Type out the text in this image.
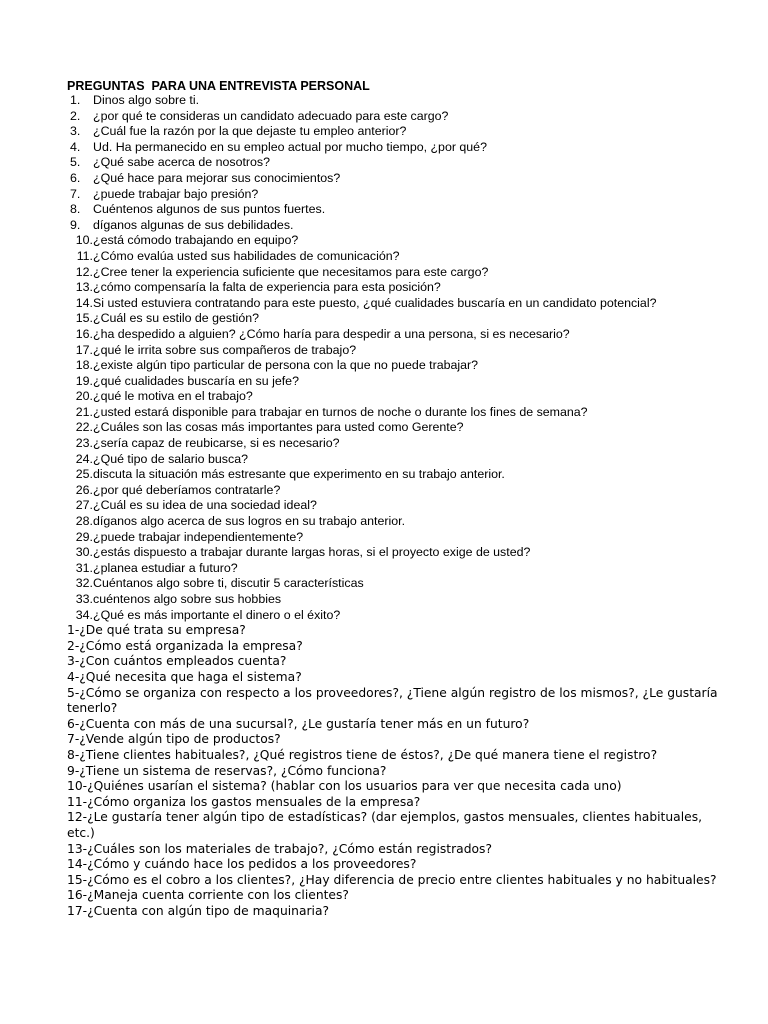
PREGUNTAS  PARA UNA ENTREVISTA PERSONAL
1.	Dinos algo sobre ti.
2.	¿por qué te consideras un candidato adecuado para este cargo?
3.	¿Cuál fue la razón por la que dejaste tu empleo anterior?
4.	Ud. Ha permanecido en su empleo actual por mucho tiempo, ¿por qué?
5.	¿Qué sabe acerca de nosotros?
6.	¿Qué hace para mejorar sus conocimientos?
7.	¿puede trabajar bajo presión?
8.	Cuéntenos algunos de sus puntos fuertes.
9.	díganos algunas de sus debilidades.
10. ¿está cómodo trabajando en equipo?
11. ¿Cómo evalúa usted sus habilidades de comunicación?
12. ¿Cree tener la experiencia suficiente que necesitamos para este cargo?
13. ¿cómo compensaría la falta de experiencia para esta posición?
14. Si usted estuviera contratando para este puesto, ¿qué cualidades buscaría en un candidato potencial?
15. ¿Cuál es su estilo de gestión?
16. ¿ha despedido a alguien? ¿Cómo haría para despedir a una persona, si es necesario?
17. ¿qué le irrita sobre sus compañeros de trabajo?
18. ¿existe algún tipo particular de persona con la que no puede trabajar?
19. ¿qué cualidades buscaría en su jefe?
20. ¿qué le motiva en el trabajo?
21. ¿usted estará disponible para trabajar en turnos de noche o durante los fines de semana?
22. ¿Cuáles son las cosas más importantes para usted como Gerente?
23. ¿sería capaz de reubicarse, si es necesario?
24. ¿Qué tipo de salario busca?
25. discuta la situación más estresante que experimento en su trabajo anterior.
26. ¿por qué deberíamos contratarle?
27. ¿Cuál es su idea de una sociedad ideal?
28. díganos algo acerca de sus logros en su trabajo anterior.
29. ¿puede trabajar independientemente?
30. ¿estás dispuesto a trabajar durante largas horas, si el proyecto exige de usted?
31. ¿planea estudiar a futuro?
32. Cuéntanos algo sobre ti, discutir 5 características
33. cuéntenos algo sobre sus hobbies
34. ¿Qué es más importante el dinero o el éxito?
1-¿De qué trata su empresa?
2-¿Cómo está organizada la empresa?
3-¿Con cuántos empleados cuenta?
4-¿Qué necesita que haga el sistema?
5-¿Cómo se organiza con respecto a los proveedores?, ¿Tiene algún registro de los mismos?, ¿Le gustaría tenerlo?
6-¿Cuenta con más de una sucursal?, ¿Le gustaría tener más en un futuro?
7-¿Vende algún tipo de productos?
8-¿Tiene clientes habituales?, ¿Qué registros tiene de éstos?, ¿De qué manera tiene el registro?
9-¿Tiene un sistema de reservas?, ¿Cómo funciona?
10-¿Quiénes usarían el sistema? (hablar con los usuarios para ver que necesita cada uno)
11-¿Cómo organiza los gastos mensuales de la empresa?
12-¿Le gustaría tener algún tipo de estadísticas? (dar ejemplos, gastos mensuales, clientes habituales, etc.)
13-¿Cuáles son los materiales de trabajo?, ¿Cómo están registrados?
14-¿Cómo y cuándo hace los pedidos a los proveedores?
15-¿Cómo es el cobro a los clientes?, ¿Hay diferencia de precio entre clientes habituales y no habituales?
16-¿Maneja cuenta corriente con los clientes?
17-¿Cuenta con algún tipo de maquinaria?
